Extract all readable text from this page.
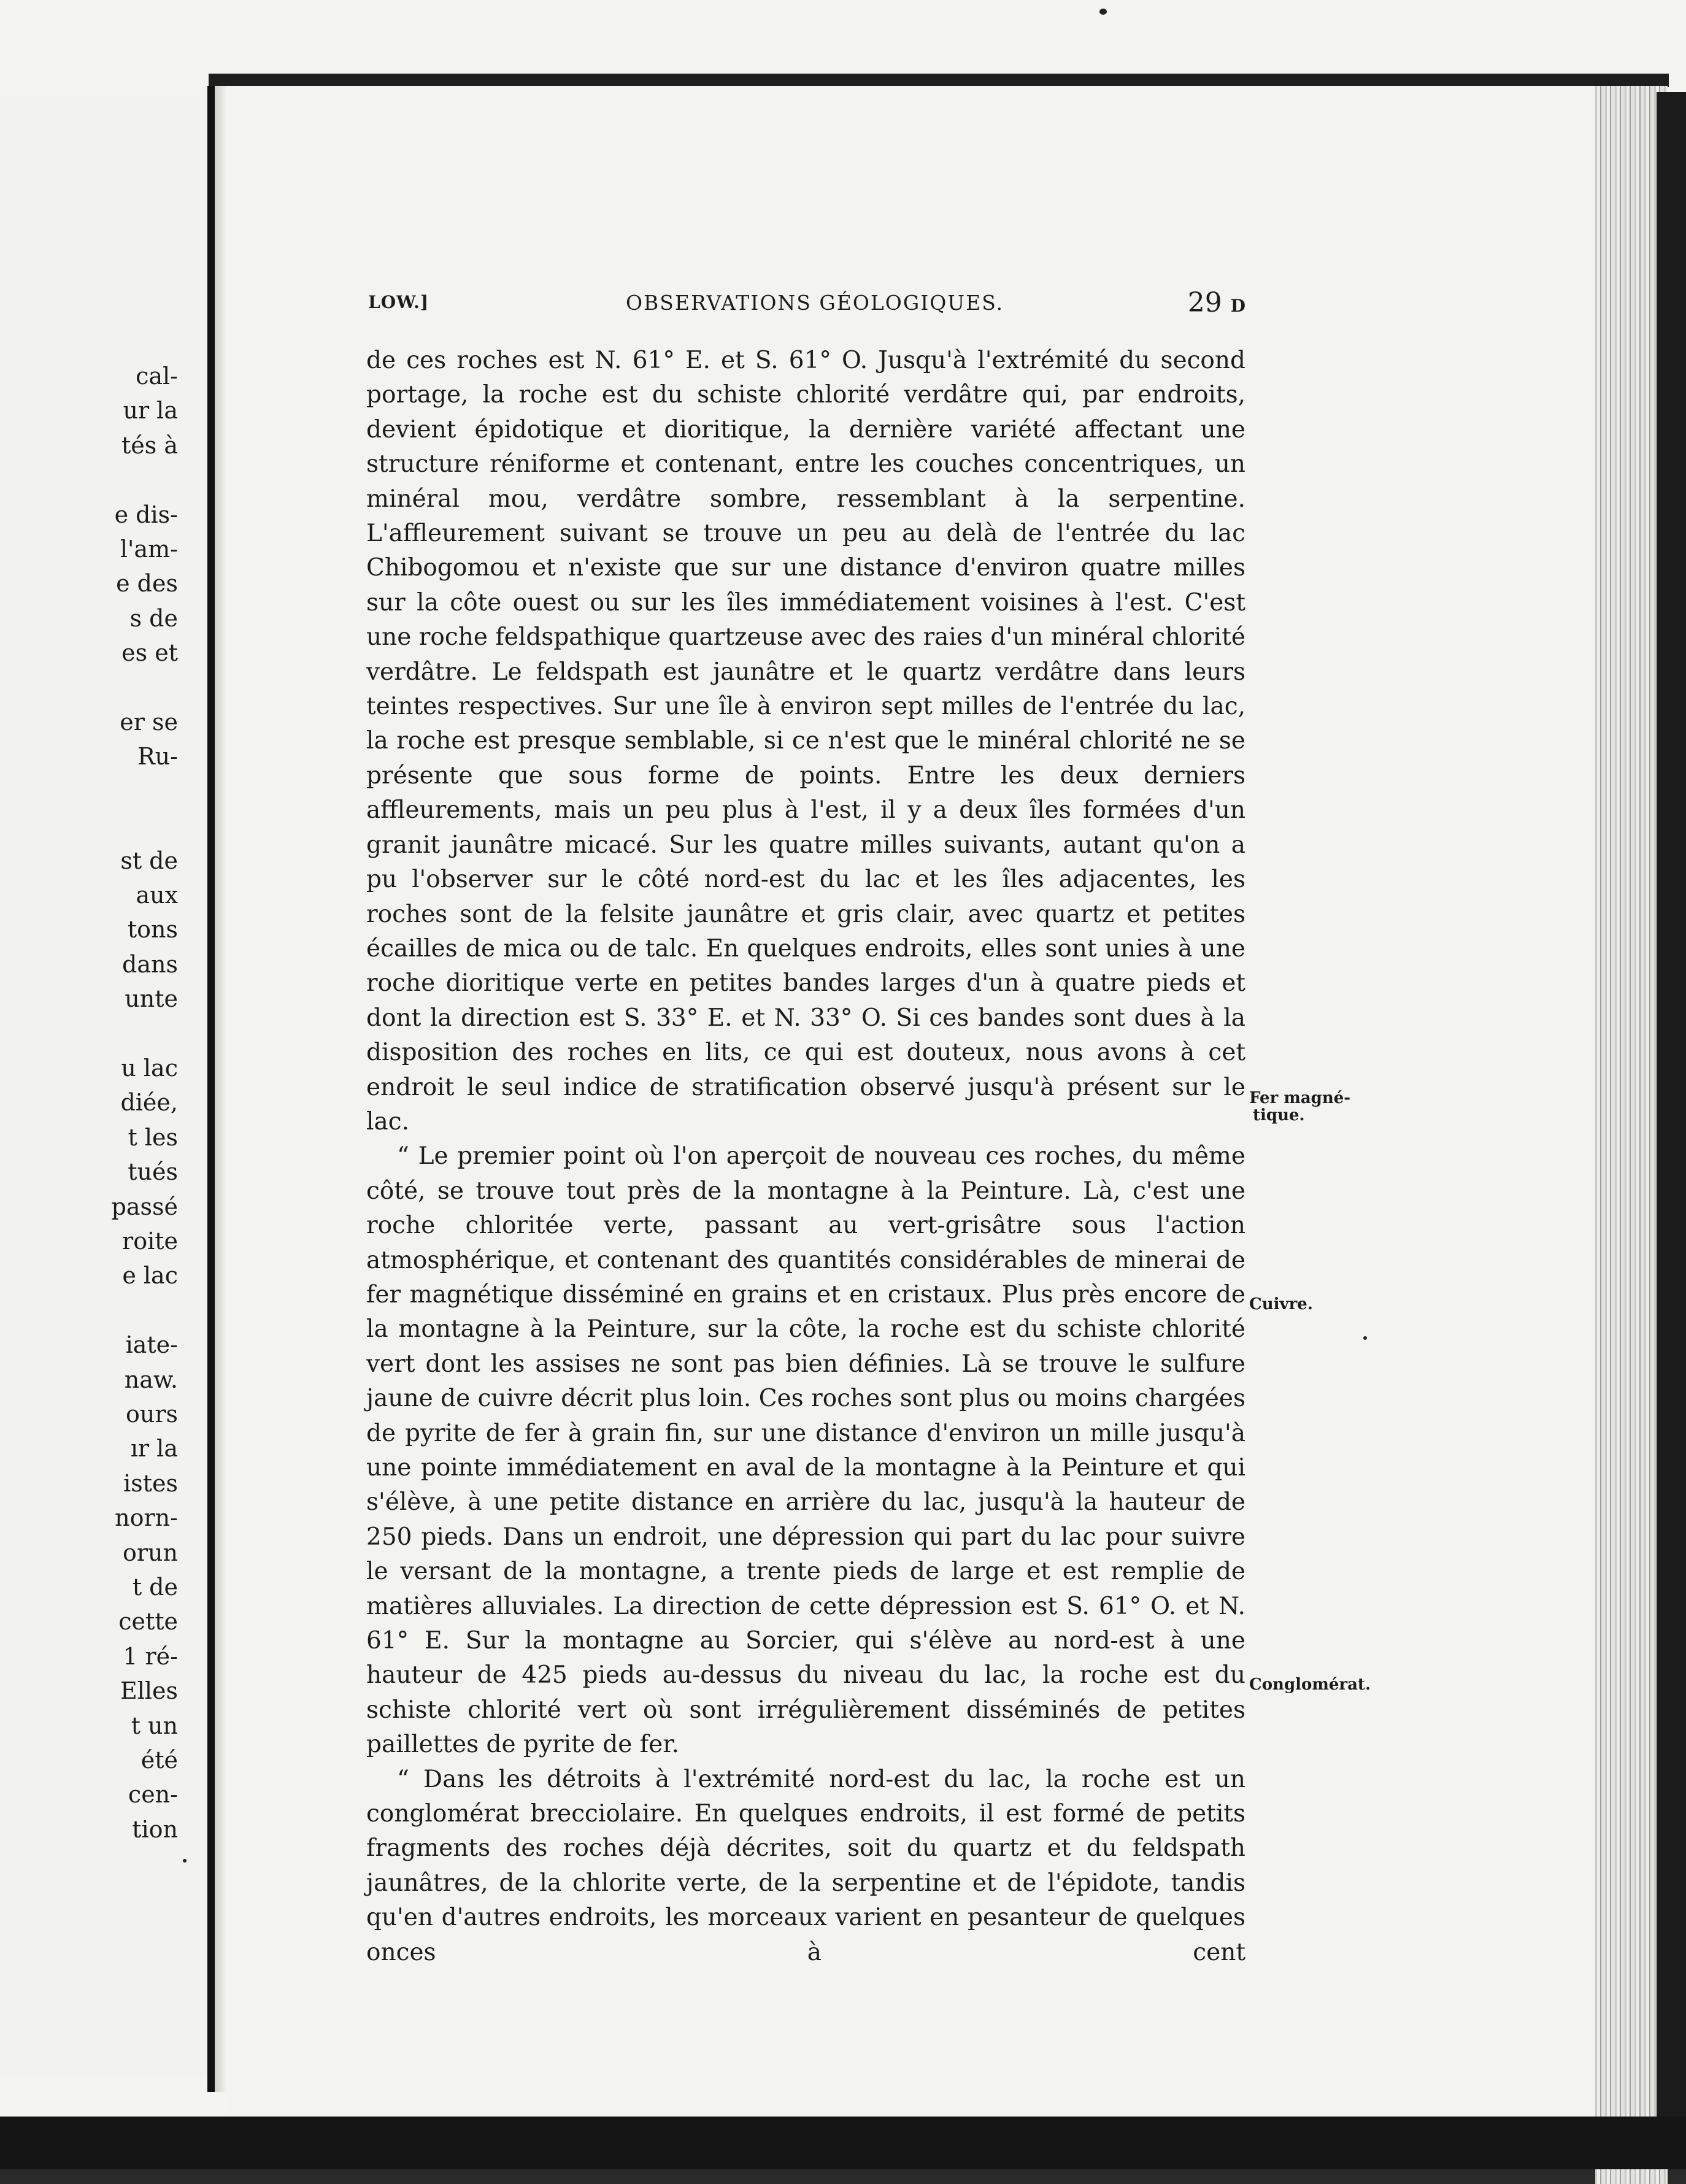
cal-
ur la
tés à
e dis-
l'am-
e des
s de
es et
er se
Ru-
st de
aux
tons
dans
unte
u lac
diée,
t les
tués
passé
roite
e lac
iate-
naw.
ours
ır la
istes
norn-
orun
t de
cette
1 ré-
Elles
t un
été
cen-
tion
LOW.]	OBSERVATIONS GÉOLOGIQUES.	29 D

de ces roches est N. 61° E. et S. 61° O. Jusqu'à l'extrémité du second portage, la roche est du schiste chlorité verdâtre qui, par endroits, devient épidotique et dioritique, la dernière variété affectant une structure réniforme et contenant, entre les couches concentriques, un minéral mou, verdâtre sombre, ressemblant à la serpentine. L'affleurement suivant se trouve un peu au delà de l'entrée du lac Chibogomou et n'existe que sur une distance d'environ quatre milles sur la côte ouest ou sur les îles immédiatement voisines à l'est. C'est une roche feldspathique quartzeuse avec des raies d'un minéral chlorité verdâtre. Le feldspath est jaunâtre et le quartz verdâtre dans leurs teintes respectives. Sur une île à environ sept milles de l'entrée du lac, la roche est presque semblable, si ce n'est que le minéral chlorité ne se présente que sous forme de points. Entre les deux derniers affleurements, mais un peu plus à l'est, il y a deux îles formées d'un granit jaunâtre micacé. Sur les quatre milles suivants, autant qu'on a pu l'observer sur le côté nord-est du lac et les îles adjacentes, les roches sont de la felsite jaunâtre et gris clair, avec quartz et petites écailles de mica ou de talc. En quelques endroits, elles sont unies à une roche dioritique verte en petites bandes larges d'un à quatre pieds et dont la direction est S. 33° E. et N. 33° O. Si ces bandes sont dues à la disposition des roches en lits, ce qui est douteux, nous avons à cet endroit le seul indice de stratification observé jusqu'à présent sur le lac.

“ Le premier point où l'on aperçoit de nouveau ces roches, du même côté, se trouve tout près de la montagne à la Peinture. Là, c'est une roche chloritée verte, passant au vert-grisâtre sous l'action atmosphérique, et contenant des quantités considérables de minerai de fer magnétique disséminé en grains et en cristaux. Plus près encore de la montagne à la Peinture, sur la côte, la roche est du schiste chlorité vert dont les assises ne sont pas bien définies. Là se trouve le sulfure jaune de cuivre décrit plus loin. Ces roches sont plus ou moins chargées de pyrite de fer à grain fin, sur une distance d'environ un mille jusqu'à une pointe immédiatement en aval de la montagne à la Peinture et qui s'élève, à une petite distance en arrière du lac, jusqu'à la hauteur de 250 pieds. Dans un endroit, une dépression qui part du lac pour suivre le versant de la montagne, a trente pieds de large et est remplie de matières alluviales. La direction de cette dépression est S. 61° O. et N. 61° E. Sur la montagne au Sorcier, qui s'élève au nord-est à une hauteur de 425 pieds au-dessus du niveau du lac, la roche est du schiste chlorité vert où sont irrégulièrement disséminés de petites paillettes de pyrite de fer.

“ Dans les détroits à l'extrémité nord-est du lac, la roche est un conglomérat brecciolaire. En quelques endroits, il est formé de petits fragments des roches déjà décrites, soit du quartz et du feldspath jaunâtres, de la chlorite verte, de la serpentine et de l'épidote, tandis qu'en d'autres endroits, les morceaux varient en pesanteur de quelques onces à cent

Fer magné-
tique.
Cuivre.
Conglomérat.
